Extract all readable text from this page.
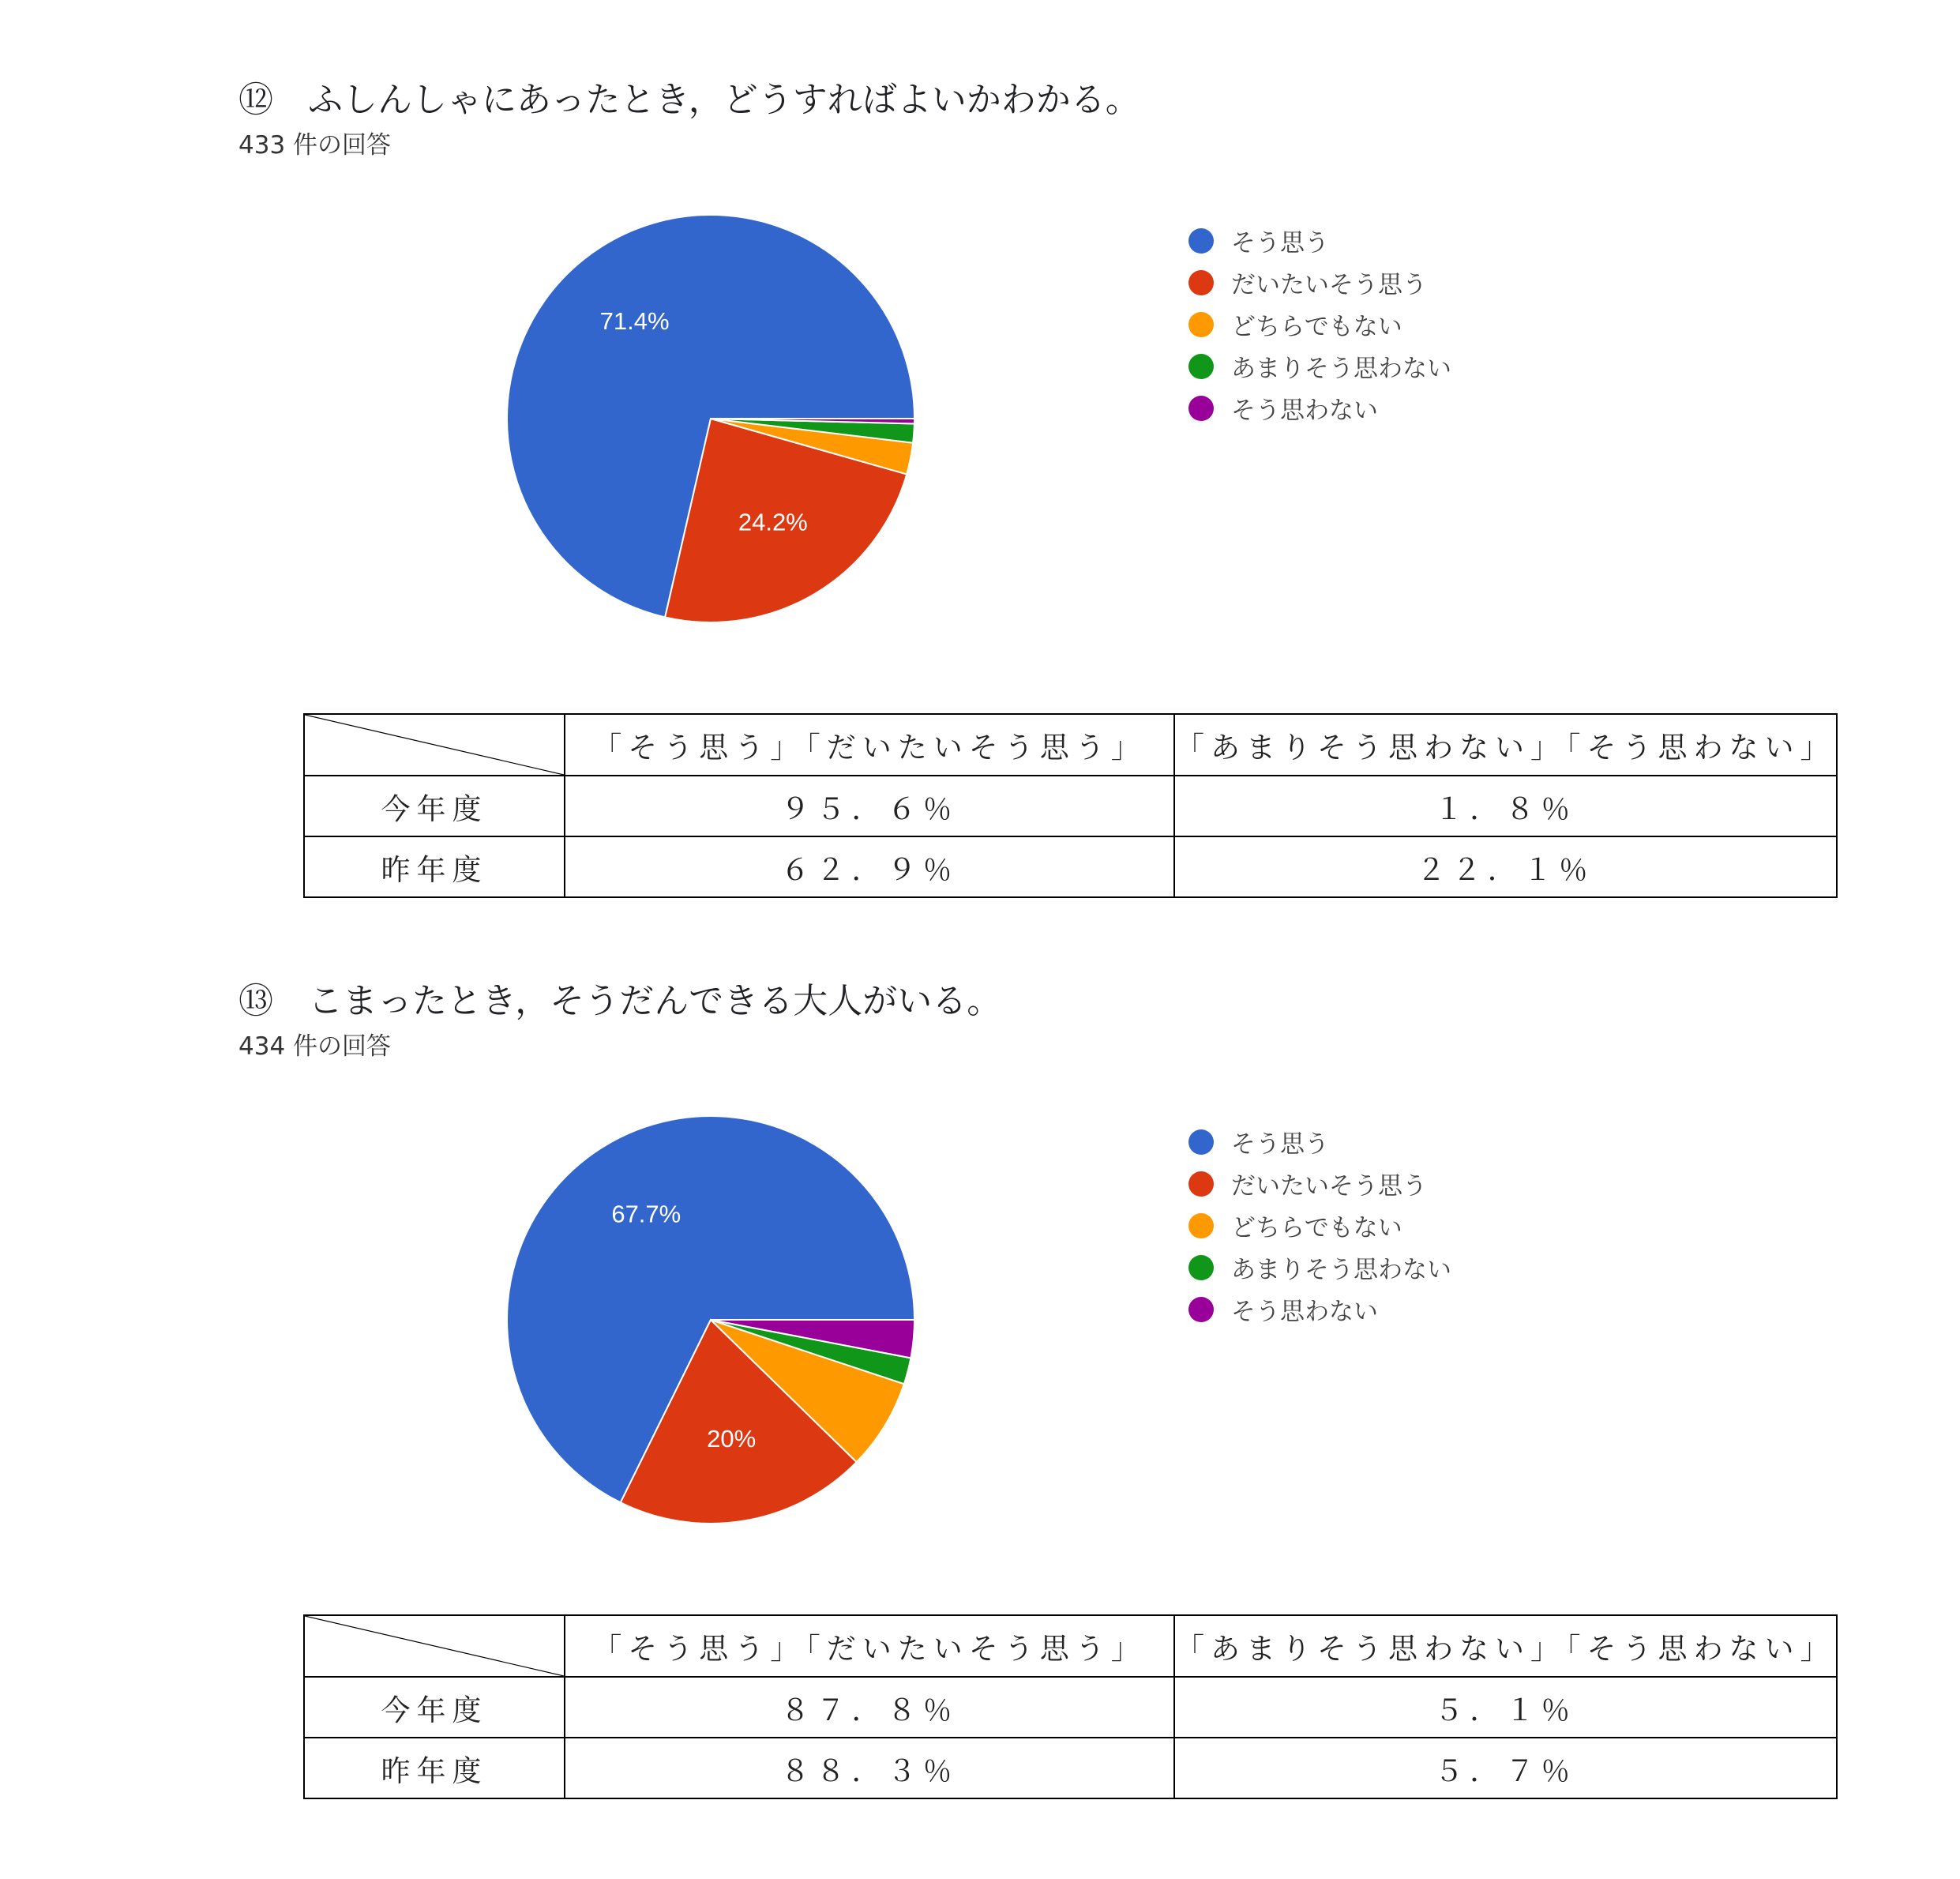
⑫　ふしんしゃにあったとき，どうすればよいかわかる。
433 件の回答
71.4%
24.2%
そう思う
だいたいそう思う
どちらでもない
あまりそう思わない
そう思わない
	「そう思う」「だいたいそう思う」	「あまりそう思わない」「そう思わない」
今年度	９５．６％	１．８％
昨年度	６２．９％	２２．１％
⑬　こまったとき，そうだんできる大人がいる。
434 件の回答
67.7%
20%
そう思う
だいたいそう思う
どちらでもない
あまりそう思わない
そう思わない
	「そう思う」「だいたいそう思う」	「あまりそう思わない」「そう思わない」
今年度	８７．８％	５．１％
昨年度	８８．３％	５．７％
